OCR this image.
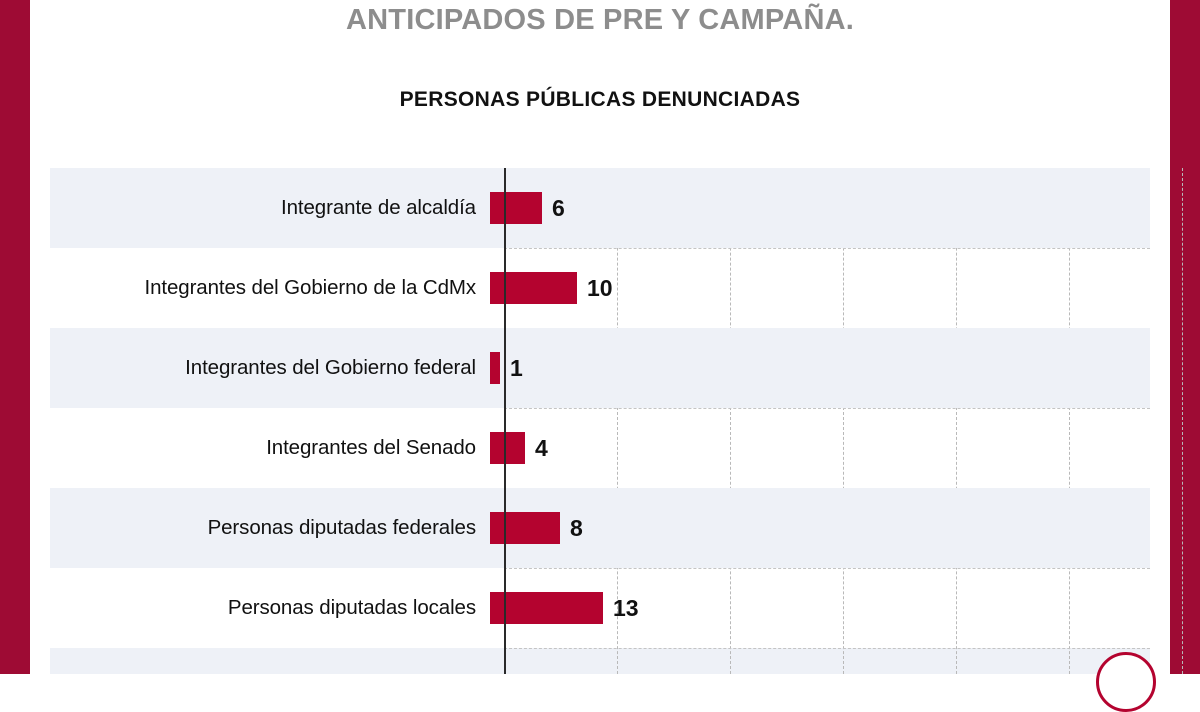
ANTICIPADOS DE PRE Y CAMPAÑA.
PERSONAS PÚBLICAS DENUNCIADAS
Integrante de alcaldía	6
Integrantes del Gobierno de la CdMx	10
Integrantes del Gobierno federal	1
Integrantes del Senado	4
Personas diputadas federales	8
Personas diputadas locales	13
